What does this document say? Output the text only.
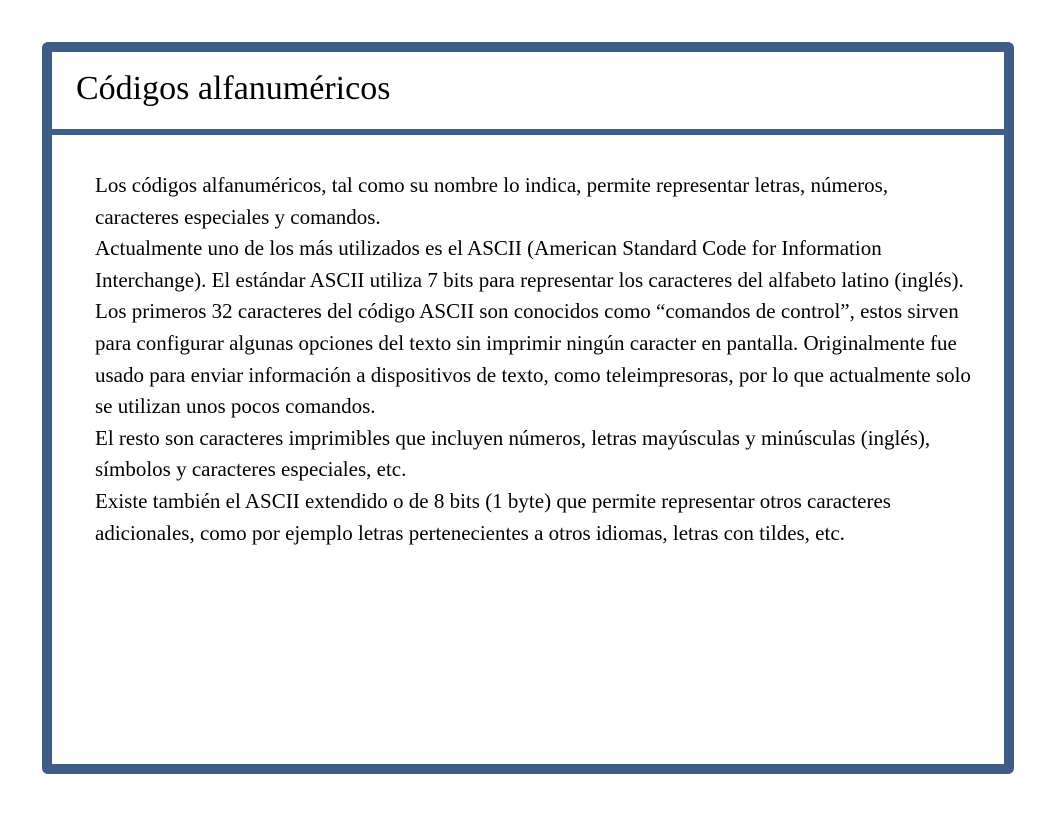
Códigos alfanuméricos

Los códigos alfanuméricos, tal como su nombre lo indica, permite representar letras, números, caracteres especiales y comandos.

Actualmente uno de los más utilizados es el ASCII (American Standard Code for Information Interchange). El estándar ASCII utiliza 7 bits para representar los caracteres del alfabeto latino (inglés).

Los primeros 32 caracteres del código ASCII son conocidos como “comandos de control”, estos sirven para configurar algunas opciones del texto sin imprimir ningún caracter en pantalla. Originalmente fue usado para enviar información a dispositivos de texto, como teleimpresoras, por lo que actualmente solo se utilizan unos pocos comandos.

El resto son caracteres imprimibles que incluyen números, letras mayúsculas y minúsculas (inglés), símbolos y caracteres especiales, etc.

Existe también el ASCII extendido o de 8 bits (1 byte) que permite representar otros caracteres adicionales, como por ejemplo letras pertenecientes a otros idiomas, letras con tildes, etc.
